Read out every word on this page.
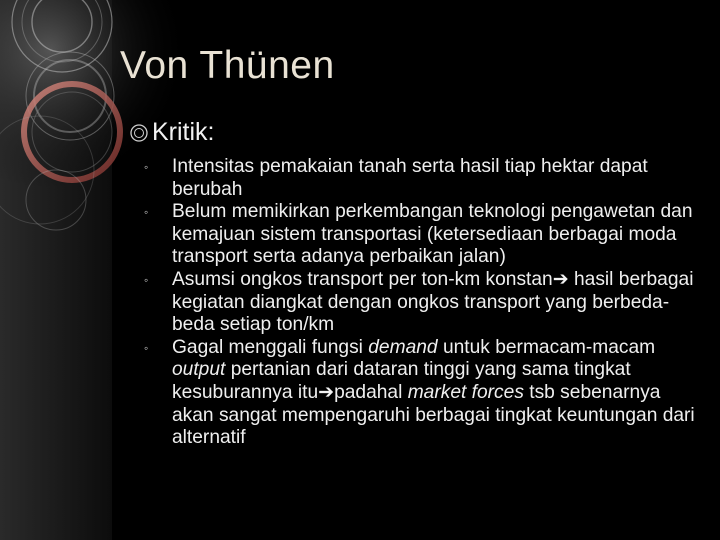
Von Thünen
Kritik:
◦ Intensitas pemakaian tanah serta hasil tiap hektar dapat berubah
◦ Belum memikirkan perkembangan teknologi pengawetan dan kemajuan sistem transportasi (ketersediaan berbagai moda transport serta adanya perbaikan jalan)
◦ Asumsi ongkos transport per ton-km konstan➔ hasil berbagai kegiatan diangkat dengan ongkos transport yang berbeda-beda setiap ton/km
◦ Gagal menggali fungsi demand untuk bermacam-macam output pertanian dari dataran tinggi yang sama tingkat kesuburannya itu➔padahal market forces tsb sebenarnya akan sangat mempengaruhi berbagai tingkat keuntungan dari alternatif
